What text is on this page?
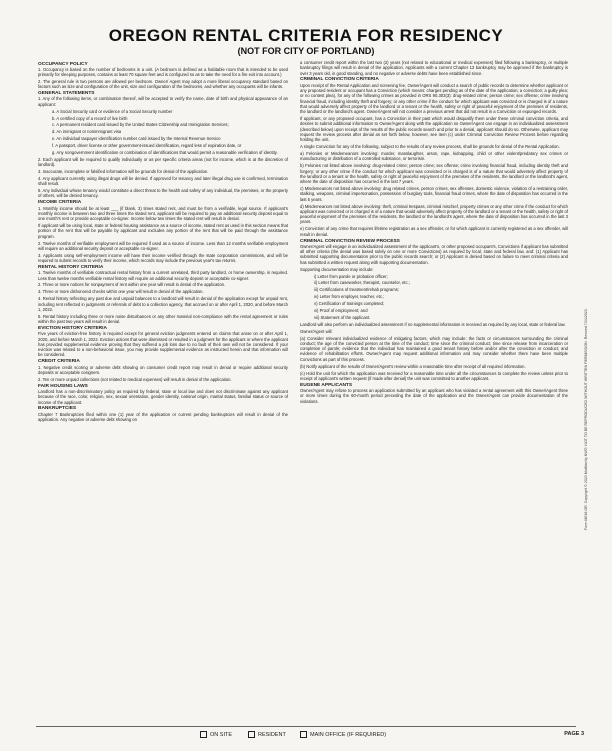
OREGON RENTAL CRITERIA FOR RESIDENCY
(NOT FOR CITY OF PORTLAND)
OCCUPANCY POLICY
1. Occupancy is based on the number of bedrooms in a unit. (A bedroom is defined as a habitable room that is intended to be used primarily for sleeping purposes, contains at least 70 square feet and is configured so as to take the need for a fire exit into account.)
2. The general rule is two persons are allowed per bedroom. Owner/ Agent may adopt a more liberal occupancy standard based on factors such as size and configuration of the unit, size and configuration of the bedrooms, and whether any occupants will be infants.
GENERAL STATEMENTS
1. Any of the following items, or combination thereof, will be accepted to verify the name, date of birth and physical appearance of an applicant:
a. A Social Security card or evidence of a Social Security number
b. A certified copy of a record of live birth
c. A permanent resident card issued by the United States Citizenship and Immigration Services;
d. An immigrant or nonimmigrant visa
e. An individual taxpayer identification number card issued by the Internal Revenue Service
f. A passport, driver license or other government-issued identification, regard less of expiration date, or
g. Any nongovernment identification or combination of identifications that would permit a reasonable verification of identity.
2. Each applicant will be required to qualify individually or as per specific criteria areas (not for income, which is at the discretion of landlord).
3. Inaccurate, incomplete or falsified information will be grounds for denial of the application.
4. Any applicant currently using illegal drugs will be denied. If approved for tenancy and later illegal drug use is confirmed, termination shall result.
5. Any individual whose tenancy would constitute a direct threat to the health and safety of any individual, the premises, or the property of others, will be denied tenancy.
INCOME CRITERIA
1. Monthly income should be at least ___ (if blank, 3) times stated rent, and must be from a verifiable, legal source. If applicant's monthly income is between two and three times the stated rent, applicant will be required to pay an additional security deposit equal to one month's rent or provide acceptable co-signer. Income below two times the stated rent will result in denial.
If applicant will be using local, state or federal housing assistance as a source of income, stated rent as used in this section means that portion of the rent that will be payable by applicant and excludes any portion of the rent that will be paid through the assistance program.
2. Twelve months of verifiable employment will be required if used as a source of income. Less than 12 months verifiable employment will require an additional security deposit or acceptable co-signer.
3. Applicants using self-employment income will have their income verified through the state corporation commissions, and will be required to submit records to verify their income, which records may include the previous year's tax returns.
RENTAL HISTORY CRITERIA
1. Twelve months of verifiable contractual rental history from a current unrelated, third party landlord, or home ownership, is required. Less than twelve months verifiable rental history will require an additional security deposit or acceptable co-signer.
2. Three or more notices for nonpayment of rent within one year will result in denial of the application.
3. Three or more dishonored checks within one year will result in denial of the application.
4. Rental history reflecting any past due and unpaid balances to a landlord will result in denial of the application except for unpaid rent, including rent reflected in judgments or referrals of debt to a collection agency, that accrued on or after April 1, 2020, and before March 1, 2022.
5. Rental history including three or more noise disturbances or any other material non-compliance with the rental agreement or rules within the past two years will result in denial.
EVICTION HISTORY CRITERIA
Five years of eviction-free history is required except for general eviction judgments entered on claims that arose on or after April 1, 2020, and before March 1, 2022. Eviction actions that were dismissed or resulted in a judgment for the applicant or where the applicant has provided supplemental evidence proving that they suffered a job loss due to no fault of their own will not be considered. If your eviction was related to a non-behavioral issue, you may provide supplemental evidence as instructed herein and that information will be considered.
CREDIT CRITERIA
1. Negative credit scoring or adverse debt showing on consumer credit report may result in denial or require additional security deposits or acceptable cosigners.
2. Ten or more unpaid collections (not related to medical expenses) will result in denial of the application.
FAIR HOUSING LAWS
Landlord has a non-discriminatory policy as required by federal, state or local law and does not discriminate against any applicant because of the race, color, religion, sex, sexual orientation, gender identity, national origin, marital status, familial status or source of income of the applicant.
BANKRUPTCIES
Chapter 7 Bankruptcies filed within one (1) year of the application or current pending bankruptcies will result in denial of the application. Any negative or adverse debt showing on
a consumer credit report within the last two (2) years (not related to educational or medical expenses) filed following a bankruptcy, or multiple bankruptcy filings will result in denial of the application. Applicants with a current Chapter 13 bankruptcy may be approved if the bankruptcy is over 3 years old, in good standing, and no negative or adverse debts have been established since.
CRIMINAL CONVICTION CRITERIA
Upon receipt of the Rental Application and screening fee, Owner/Agent will conduct a search of public records to determine whether applicant or any proposed resident or occupant has a Conviction (which means: charges pending as of the date of the application; a conviction; a guilty plea; or no contest plea), for any of the following crimes as provided in ORS 90.303(3): drug-related crime; person crime; sex offense; crime involving financial fraud, including identity theft and forgery; or any other crime if the conduct for which applicant was convicted or is charged is of a nature that would adversely affect property of the landlord or a tenant or the health, safety or right of peaceful enjoyment of the premises of residents, the landlord or the landlord's agent. Owner/Agent will not consider a previous arrest that did not result in a Conviction or expunged records.
If applicant, or any proposed occupant, has a Conviction in their past which would disqualify them under these criminal conviction criteria, and desires to submit additional information to Owner/Agent along with the application so Owner/Agent can engage in an individualized assessment (described below) upon receipt of the results of the public records search and prior to a denial, applicant should do so. Otherwise, applicant may request the review process after denial as set forth below, however, see item (c) under Criminal Conviction Review Process before regarding holding the unit.
A single Conviction for any of the following, subject to the results of any review process, shall be grounds for denial of the Rental Application.
a) Felonies or Misdemeanors involving: murder, manslaughter, arson, rape, kidnapping, child or other violent/predatory sex crimes or manufacturing or distribution of a controlled substance, or terrorism.
b) Felonies not listed above involving: drug-related crime; person crime; sex offense; crime involving financial fraud, including identity theft and forgery; or any other crime if the conduct for which applicant was convicted or is charged is of a nature that would adversely affect property of the landlord or a tenant or the health, safety or right of peaceful enjoyment of the premises of the residents, the landlord or the landlord's agent, where the date of disposition has occurred in the last 7 years.
c) Misdemeanors not listed above involving: drug related crimes, person crimes, sex offenses, domestic violence, violation of a restraining order, stalking, weapons, criminal impersonation, possession of burglary tools, financial fraud crimes, where the date of disposition has occurred in the last 5 years.
d) Misdemeanors not listed above involving: theft, criminal trespass, criminal mischief, property crimes or any other crime if the conduct for which applicant was convicted or is charged is of a nature that would adversely affect property of the landlord or a tenant or the health, safety or right of peaceful enjoyment of the premises of the residents, the landlord or the landlord's agent, where the date of disposition has occurred in the last 3 years.
e) Conviction of any crime that requires lifetime registration as a sex offender, or for which applicant is currently registered as a sex offender, will result in denial.
CRIMINAL CONVICTION REVIEW PROCESS
Owner/Agent will engage in an individualized assessment of the applicant's, or other proposed occupant's, Convictions if applicant has submitted all other criteria (the denial was based solely on one or more Convictions) as required by local, state and federal law, and: (1) Applicant has submitted supporting documentation prior to the public records search; or (2) Applicant is denied based on failure to meet criminal criteria and has submitted a written request along with supporting documentation.
Supporting documentation may include:
i) Letter from parole or probation officer;
ii) Letter from caseworker, therapist, counselor, etc.;
iii) Certifications of treatment/rehab programs;
iv) Letter from employer, teacher, etc.;
v) Certification of trainings completed;
vi) Proof of employment; and
vii) Statement of the applicant.
Landlord will also perform an individualized assessment if no supplemental information is received as required by any local, state or federal law.
Owner/Agent will:
(a) Consider relevant individualized evidence of mitigating factors, which may include: the facts or circumstances surrounding the criminal conduct; the age of the convicted person at the time of the conduct; time since the criminal conduct; time since release from incarceration or completion of parole; evidence that the individual has maintained a good tenant history before and/or after the conviction or conduct; and evidence of rehabilitation efforts. Owner/Agent may request additional information and may consider whether there have been multiple Convictions as part of this process.
(b) Notify applicant of the results of Owner/Agent's review within a reasonable time after receipt of all required information.
(c) Hold the unit for which the application was received for a reasonable time under all the circumstances to complete the review unless prior to receipt of applicant's written request (if made after denial) the unit was committed to another applicant.
EUGENE APPLICANTS
Owner/Agent may refuse to process an application submitted by an applicant who has violated a rental agreement with this Owner/Agent three or more times during the 60-month period preceding the date of the application and the Owner/Agent can provide documentation of the violations.	Form M018 OR. Copyright © 2023 Multifamily NW®. NOT TO BE REPRODUCED WITHOUT WRITTEN PERMISSION. Revised 7/24/2023.
ON SITE	RESIDENT	MAIN OFFICE (IF REQUIRED)	PAGE 3
